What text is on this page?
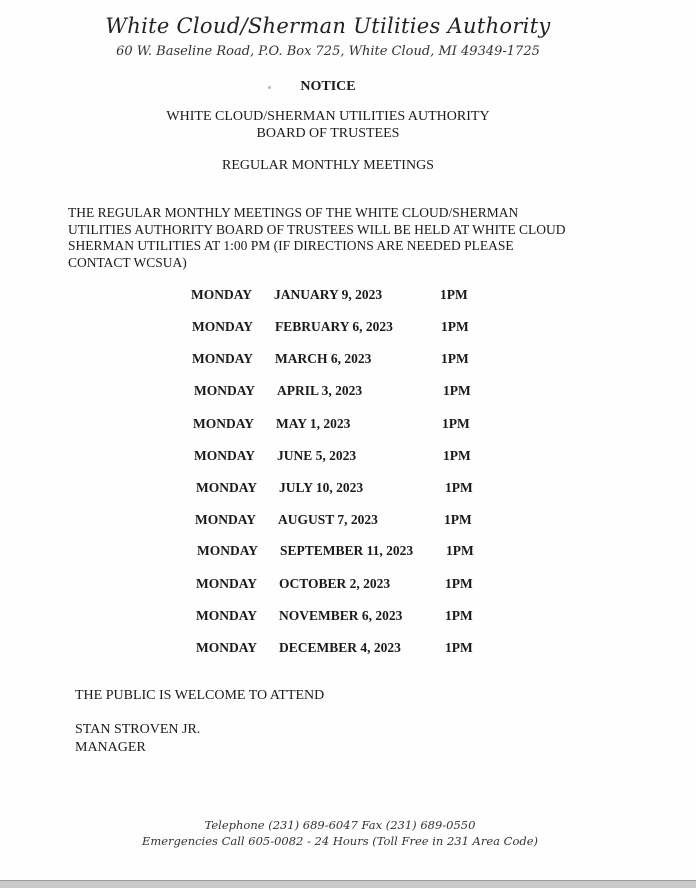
White Cloud/Sherman Utilities Authority
60 W. Baseline Road, P.O. Box 725, White Cloud, MI 49349-1725
NOTICE
WHITE CLOUD/SHERMAN UTILITIES AUTHORITY
BOARD OF TRUSTEES
REGULAR MONTHLY MEETINGS
THE REGULAR MONTHLY MEETINGS OF THE WHITE CLOUD/SHERMAN UTILITIES AUTHORITY BOARD OF TRUSTEES WILL BE HELD AT WHITE CLOUD SHERMAN UTILITIES AT 1:00 PM (IF DIRECTIONS ARE NEEDED PLEASE CONTACT WCSUA)
MONDAY JANUARY 9, 2023	1PM
MONDAY FEBRUARY 6, 2023	1PM
MONDAY MARCH 6, 2023	1PM
MONDAY APRIL 3, 2023	1PM
MONDAY MAY 1, 2023	1PM
MONDAY JUNE 5, 2023	1PM
MONDAY JULY 10, 2023	1PM
MONDAY AUGUST 7, 2023	1PM
MONDAY SEPTEMBER 11, 2023 1PM
MONDAY OCTOBER 2, 2023	1PM
MONDAY NOVEMBER 6, 2023	1PM
MONDAY DECEMBER 4, 2023	1PM
THE PUBLIC IS WELCOME TO ATTEND
STAN STROVEN JR.
MANAGER
Telephone (231) 689-6047 Fax (231) 689-0550
Emergencies Call 605-0082 - 24 Hours (Toll Free in 231 Area Code)
